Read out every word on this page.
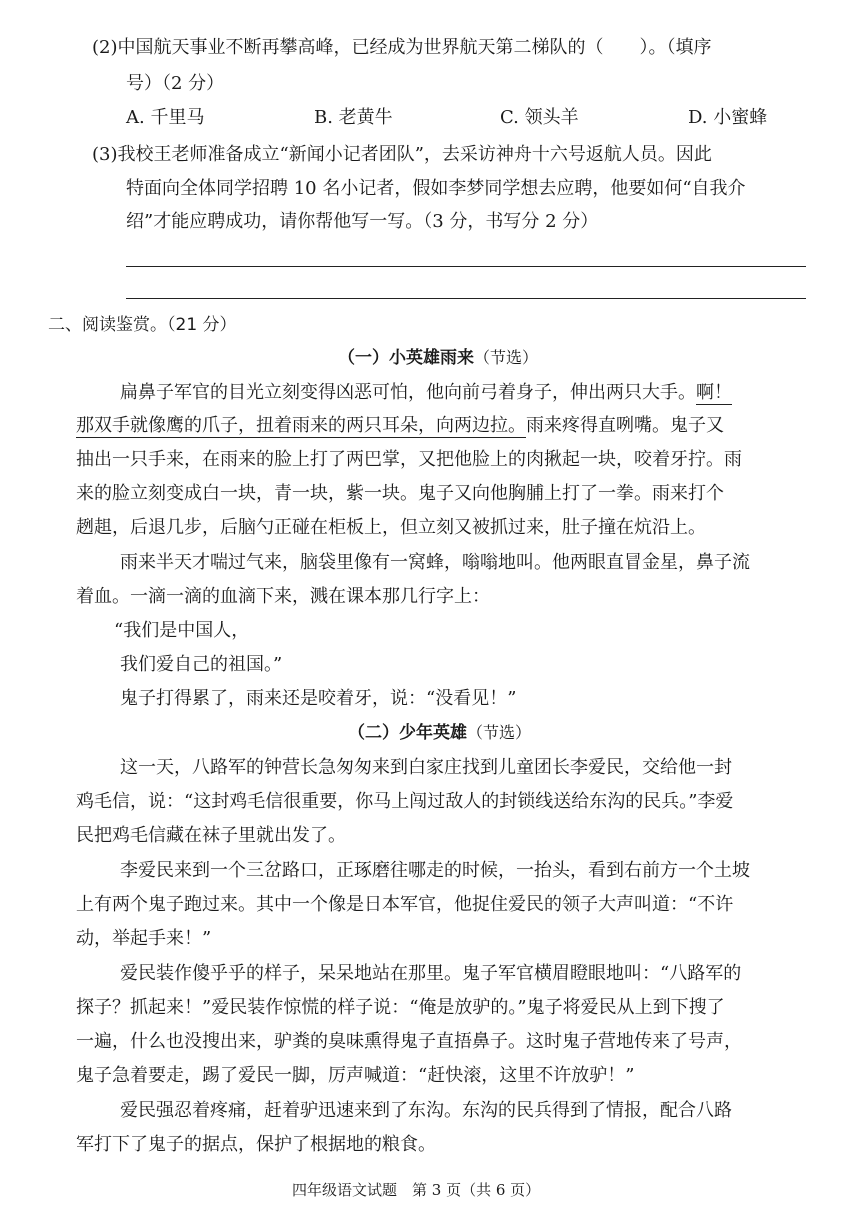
(2)中国航天事业不断再攀高峰，已经成为世界航天第二梯队的（　　）。（填序
号）（2 分）
A. 千里马	B. 老黄牛	C. 领头羊	D. 小蜜蜂
(3)我校王老师准备成立“新闻小记者团队”，去采访神舟十六号返航人员。因此
特面向全体同学招聘 10 名小记者，假如李梦同学想去应聘，他要如何“自我介
绍”才能应聘成功，请你帮他写一写。（3 分，书写分 2 分）
二、阅读鉴赏。（21 分）
（一）小英雄雨来（节选）
扁鼻子军官的目光立刻变得凶恶可怕，他向前弓着身子，伸出两只大手。啊！
那双手就像鹰的爪子，扭着雨来的两只耳朵，向两边拉。雨来疼得直咧嘴。鬼子又
抽出一只手来，在雨来的脸上打了两巴掌，又把他脸上的肉揪起一块，咬着牙拧。雨
来的脸立刻变成白一块，青一块，紫一块。鬼子又向他胸脯上打了一拳。雨来打个
趔趄，后退几步，后脑勺正碰在柜板上，但立刻又被抓过来，肚子撞在炕沿上。
雨来半天才喘过气来，脑袋里像有一窝蜂，嗡嗡地叫。他两眼直冒金星，鼻子流
着血。一滴一滴的血滴下来，溅在课本那几行字上：
“我们是中国人，
我们爱自己的祖国。”
鬼子打得累了，雨来还是咬着牙，说：“没看见！”
（二）少年英雄（节选）
这一天，八路军的钟营长急匆匆来到白家庄找到儿童团长李爱民，交给他一封
鸡毛信，说：“这封鸡毛信很重要，你马上闯过敌人的封锁线送给东沟的民兵。”李爱
民把鸡毛信藏在袜子里就出发了。
李爱民来到一个三岔路口，正琢磨往哪走的时候，一抬头，看到右前方一个土坡
上有两个鬼子跑过来。其中一个像是日本军官，他捉住爱民的领子大声叫道：“不许
动，举起手来！”
爱民装作傻乎乎的样子，呆呆地站在那里。鬼子军官横眉瞪眼地叫：“八路军的
探子？抓起来！”爱民装作惊慌的样子说：“俺是放驴的。”鬼子将爱民从上到下搜了
一遍，什么也没搜出来，驴粪的臭味熏得鬼子直捂鼻子。这时鬼子营地传来了号声，
鬼子急着要走，踢了爱民一脚，厉声喊道：“赶快滚，这里不许放驴！”
爱民强忍着疼痛，赶着驴迅速来到了东沟。东沟的民兵得到了情报，配合八路
军打下了鬼子的据点，保护了根据地的粮食。
四年级语文试题　第 3 页（共 6 页）
